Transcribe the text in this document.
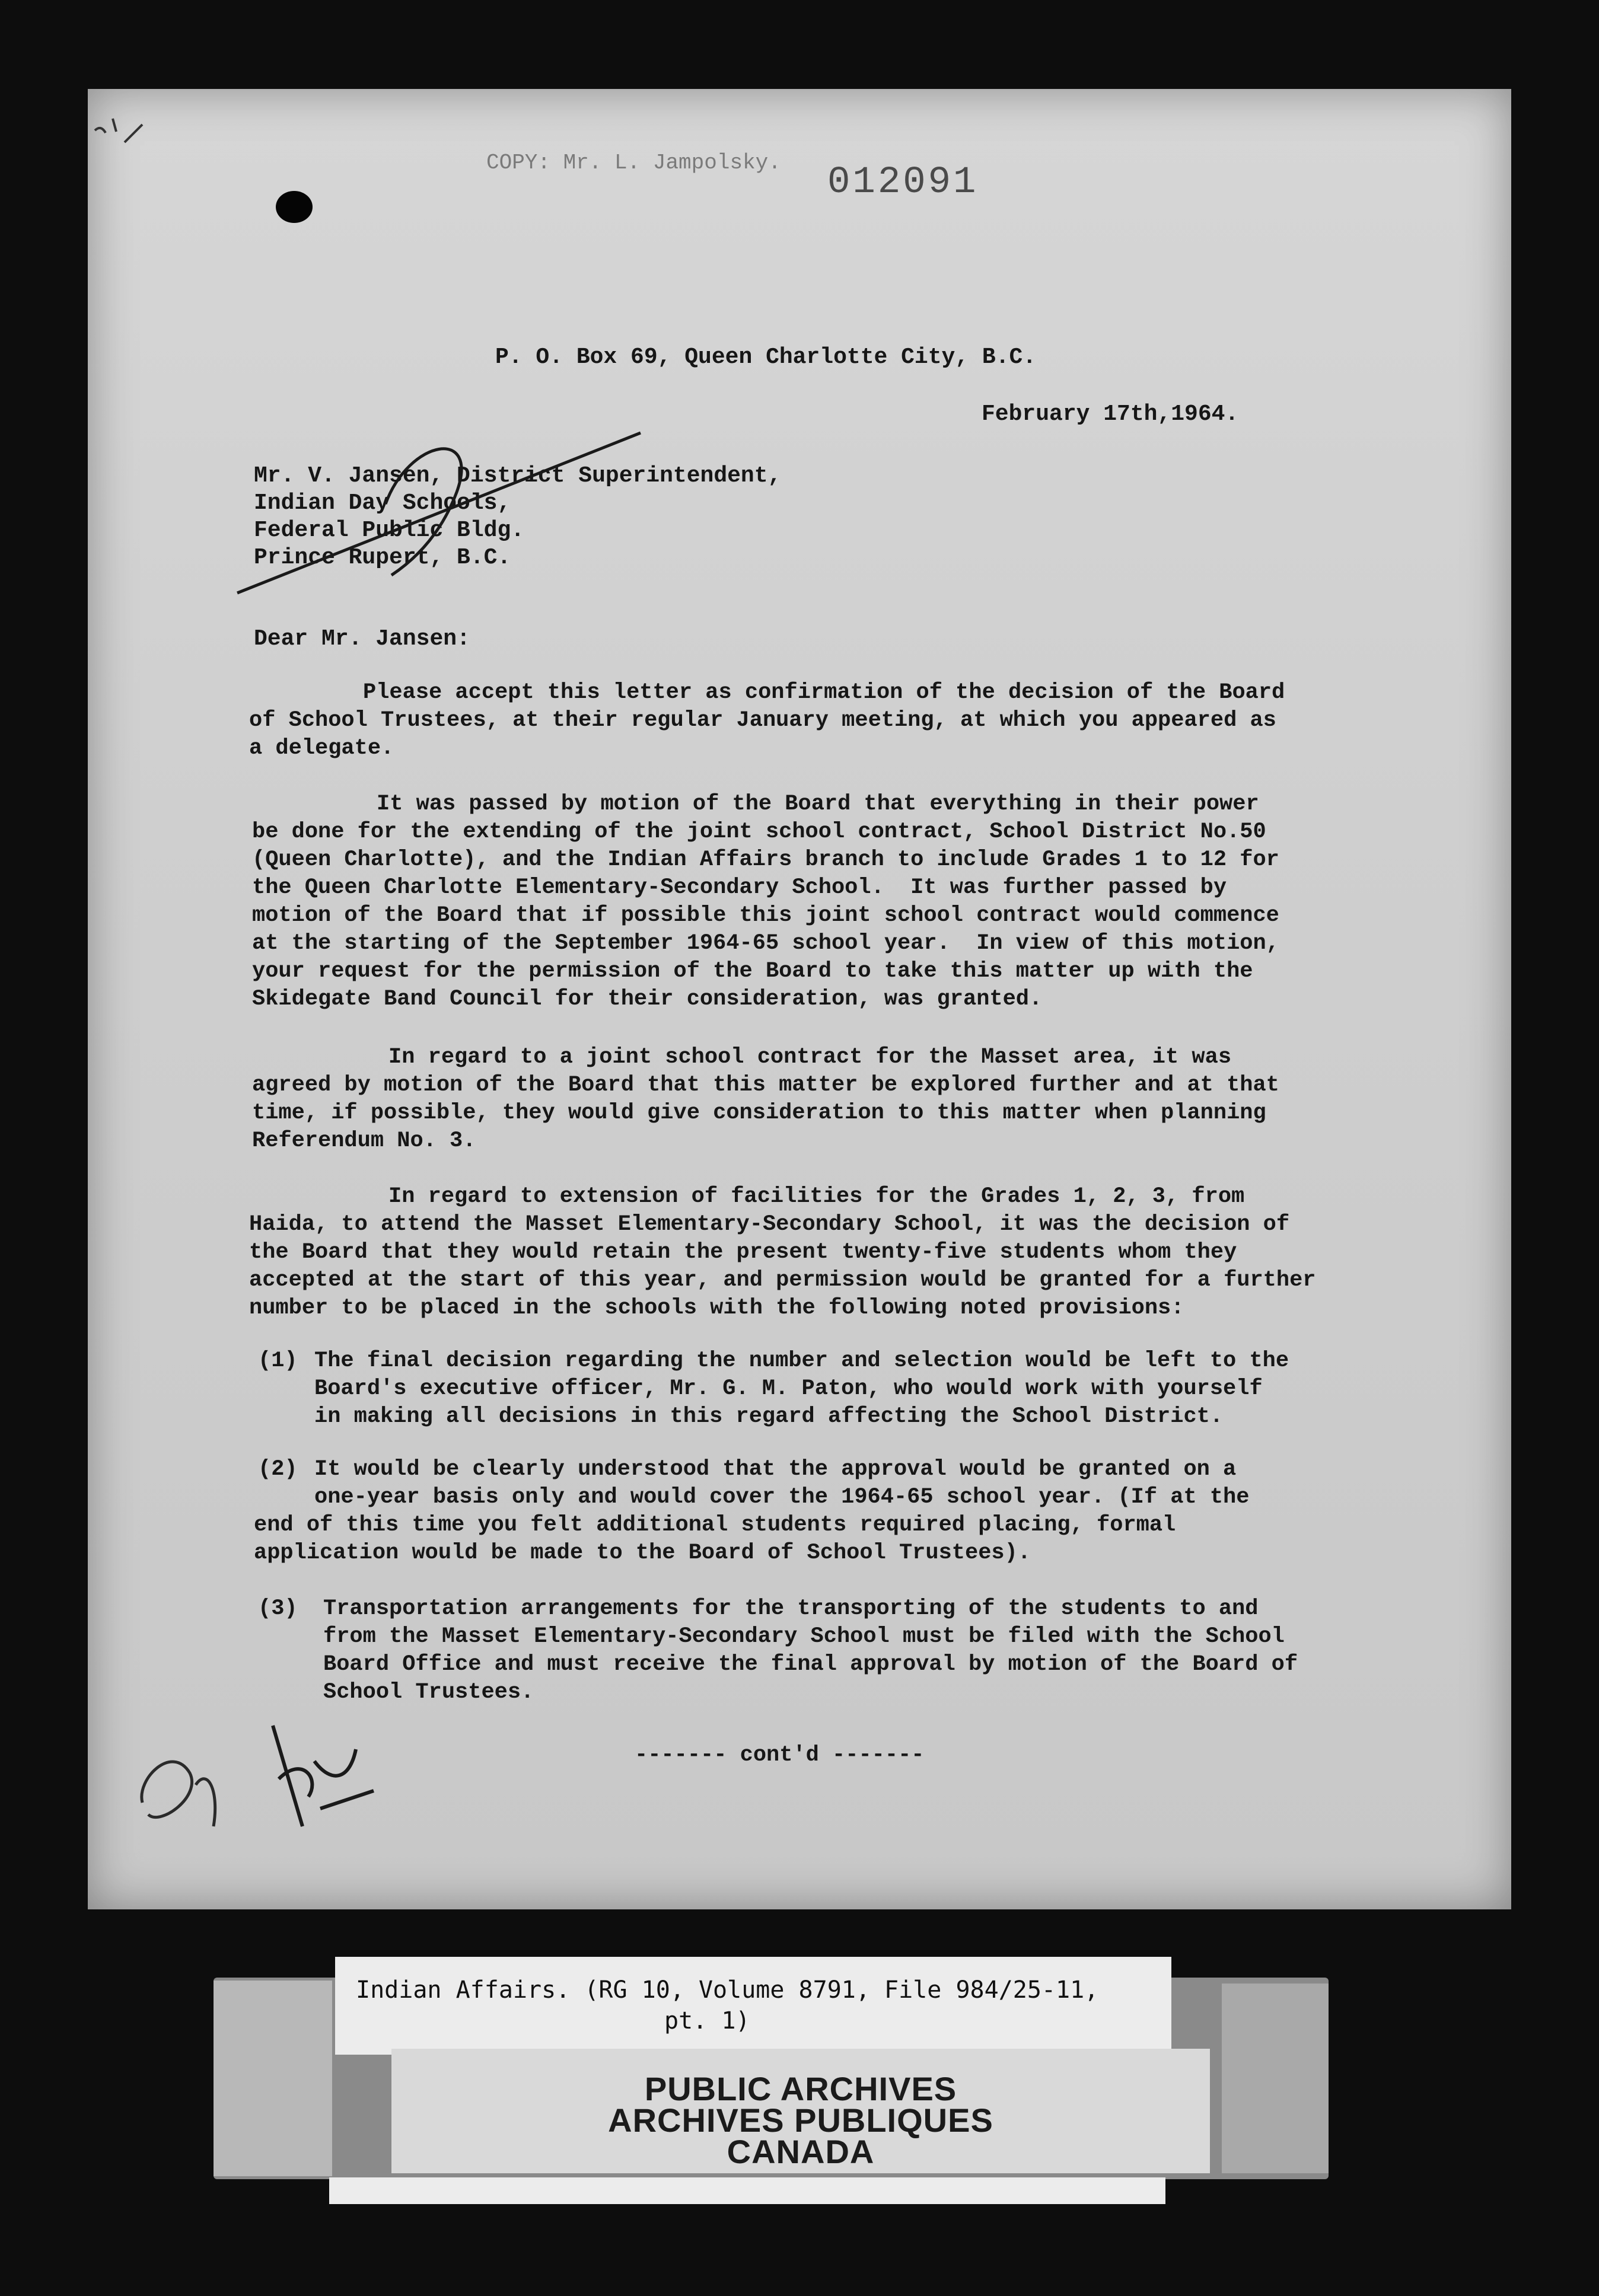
COPY: Mr. L. Jampolsky. 012091
P. O. Box 69, Queen Charlotte City, B.C.
February 17th,1964.
Mr. V. Jansen, District Superintendent,
Indian Day Schools,
Federal Public Bldg.
Prince Rupert, B.C.
Dear Mr. Jansen:
Please accept this letter as confirmation of the decision of the Board
of School Trustees, at their regular January meeting, at which you appeared as
a delegate.
It was passed by motion of the Board that everything in their power
be done for the extending of the joint school contract, School District No.50
(Queen Charlotte), and the Indian Affairs branch to include Grades 1 to 12 for
the Queen Charlotte Elementary-Secondary School.  It was further passed by
motion of the Board that if possible this joint school contract would commence
at the starting of the September 1964-65 school year.  In view of this motion,
your request for the permission of the Board to take this matter up with the
Skidegate Band Council for their consideration, was granted.
In regard to a joint school contract for the Masset area, it was
agreed by motion of the Board that this matter be explored further and at that
time, if possible, they would give consideration to this matter when planning
Referendum No. 3.
In regard to extension of facilities for the Grades 1, 2, 3, from
Haida, to attend the Masset Elementary-Secondary School, it was the decision of
the Board that they would retain the present twenty-five students whom they
accepted at the start of this year, and permission would be granted for a further
number to be placed in the schools with the following noted provisions:
(1) The final decision regarding the number and selection would be left to the
Board's executive officer, Mr. G. M. Paton, who would work with yourself
in making all decisions in this regard affecting the School District.
(2) It would be clearly understood that the approval would be granted on a
one-year basis only and would cover the 1964-65 school year. (If at the
end of this time you felt additional students required placing, formal
application would be made to the Board of School Trustees).
(3) Transportation arrangements for the transporting of the students to and
from the Masset Elementary-Secondary School must be filed with the School
Board Office and must receive the final approval by motion of the Board of
School Trustees.
------- cont'd -------
Indian Affairs. (RG 10, Volume 8791, File 984/25-11,
pt. 1)
PUBLIC ARCHIVES
ARCHIVES PUBLIQUES
CANADA
